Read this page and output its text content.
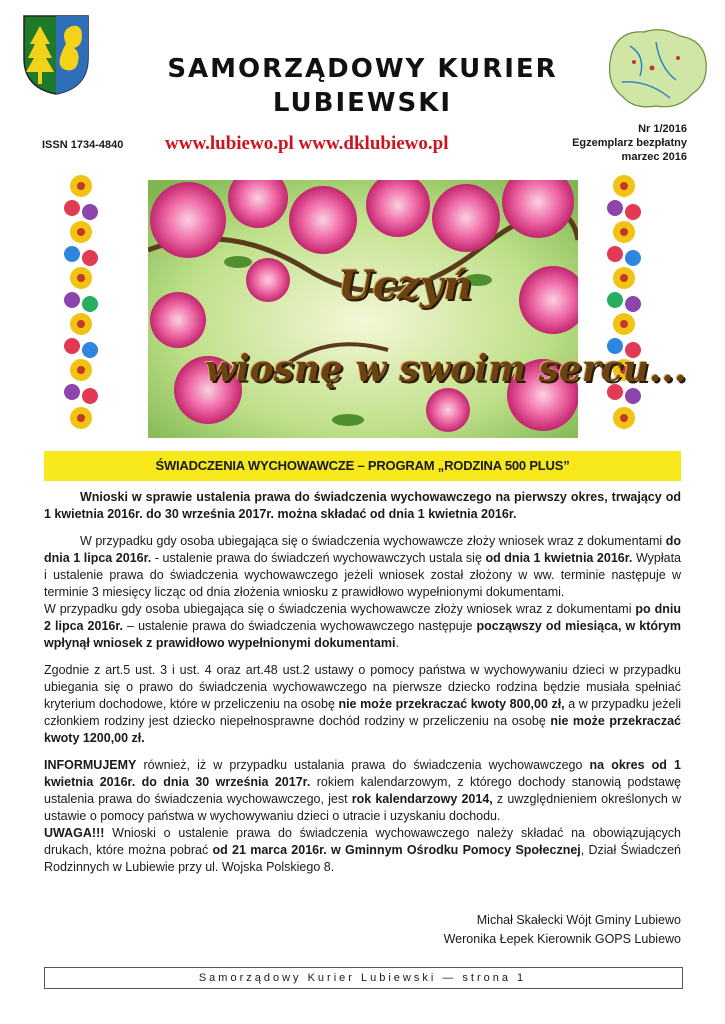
SAMORZĄDOWY KURIER
LUBIEWSKI
ISSN 1734-4840 www.lubiewo.pl www.dklubiewo.pl
Nr 1/2016
Egzemplarz bezpłatny
marzec 2016
Uczyń
wiosnę w swoim sercu...
ŚWIADCZENIA WYCHOWAWCZE – PROGRAM „RODZINA 500 PLUS”

Wnioski w sprawie ustalenia prawa do świadczenia wychowawczego na pierwszy okres, trwający od 1 kwietnia 2016r. do 30 września 2017r. można składać od dnia 1 kwietnia 2016r.

W przypadku gdy osoba ubiegająca się o świadczenia wychowawcze złoży wniosek wraz z dokumentami do dnia 1 lipca 2016r. - ustalenie prawa do świadczeń wychowawczych ustala się od dnia 1 kwietnia 2016r. Wypłata i ustalenie prawa do świadczenia wychowawczego jeżeli wniosek został złożony w ww. terminie następuje w terminie 3 miesięcy licząc od dnia złożenia wniosku z prawidłowo wypełnionymi dokumentami.

W przypadku gdy osoba ubiegająca się o świadczenia wychowawcze złoży wniosek wraz z dokumentami po dniu 2 lipca 2016r. – ustalenie prawa do świadczenia wychowawczego następuje począwszy od miesiąca, w którym wpłynął wniosek z prawidłowo wypełnionymi dokumentami.

Zgodnie z art.5 ust. 3 i ust. 4 oraz art.48 ust.2 ustawy o pomocy państwa w wychowywaniu dzieci w przypadku ubiegania się o prawo do świadczenia wychowawczego na pierwsze dziecko rodzina będzie musiała spełniać kryterium dochodowe, które w przeliczeniu na osobę nie może przekraczać kwoty 800,00 zł, a w przypadku jeżeli członkiem rodziny jest dziecko niepełnosprawne dochód rodziny w przeliczeniu na osobę nie może przekraczać kwoty 1200,00 zł.

INFORMUJEMY również, iż w przypadku ustalania prawa do świadczenia wychowawczego na okres od 1 kwietnia 2016r. do dnia 30 września 2017r. rokiem kalendarzowym, z którego dochody stanowią podstawę ustalenia prawa do świadczenia wychowawczego, jest rok kalendarzowy 2014, z uwzględnieniem określonych w ustawie o pomocy państwa w wychowywaniu dzieci o utracie i uzyskaniu dochodu.

UWAGA!!! Wnioski o ustalenie prawa do świadczenia wychowawczego należy składać na obowiązujących drukach, które można pobrać od 21 marca 2016r. w Gminnym Ośrodku Pomocy Społecznej, Dział Świadczeń Rodzinnych w Lubiewie przy ul. Wojska Polskiego 8.

Michał Skałecki Wójt Gminy Lubiewo
Weronika Łepek Kierownik GOPS Lubiewo
Samorządowy Kurier Lubiewski — strona 1
